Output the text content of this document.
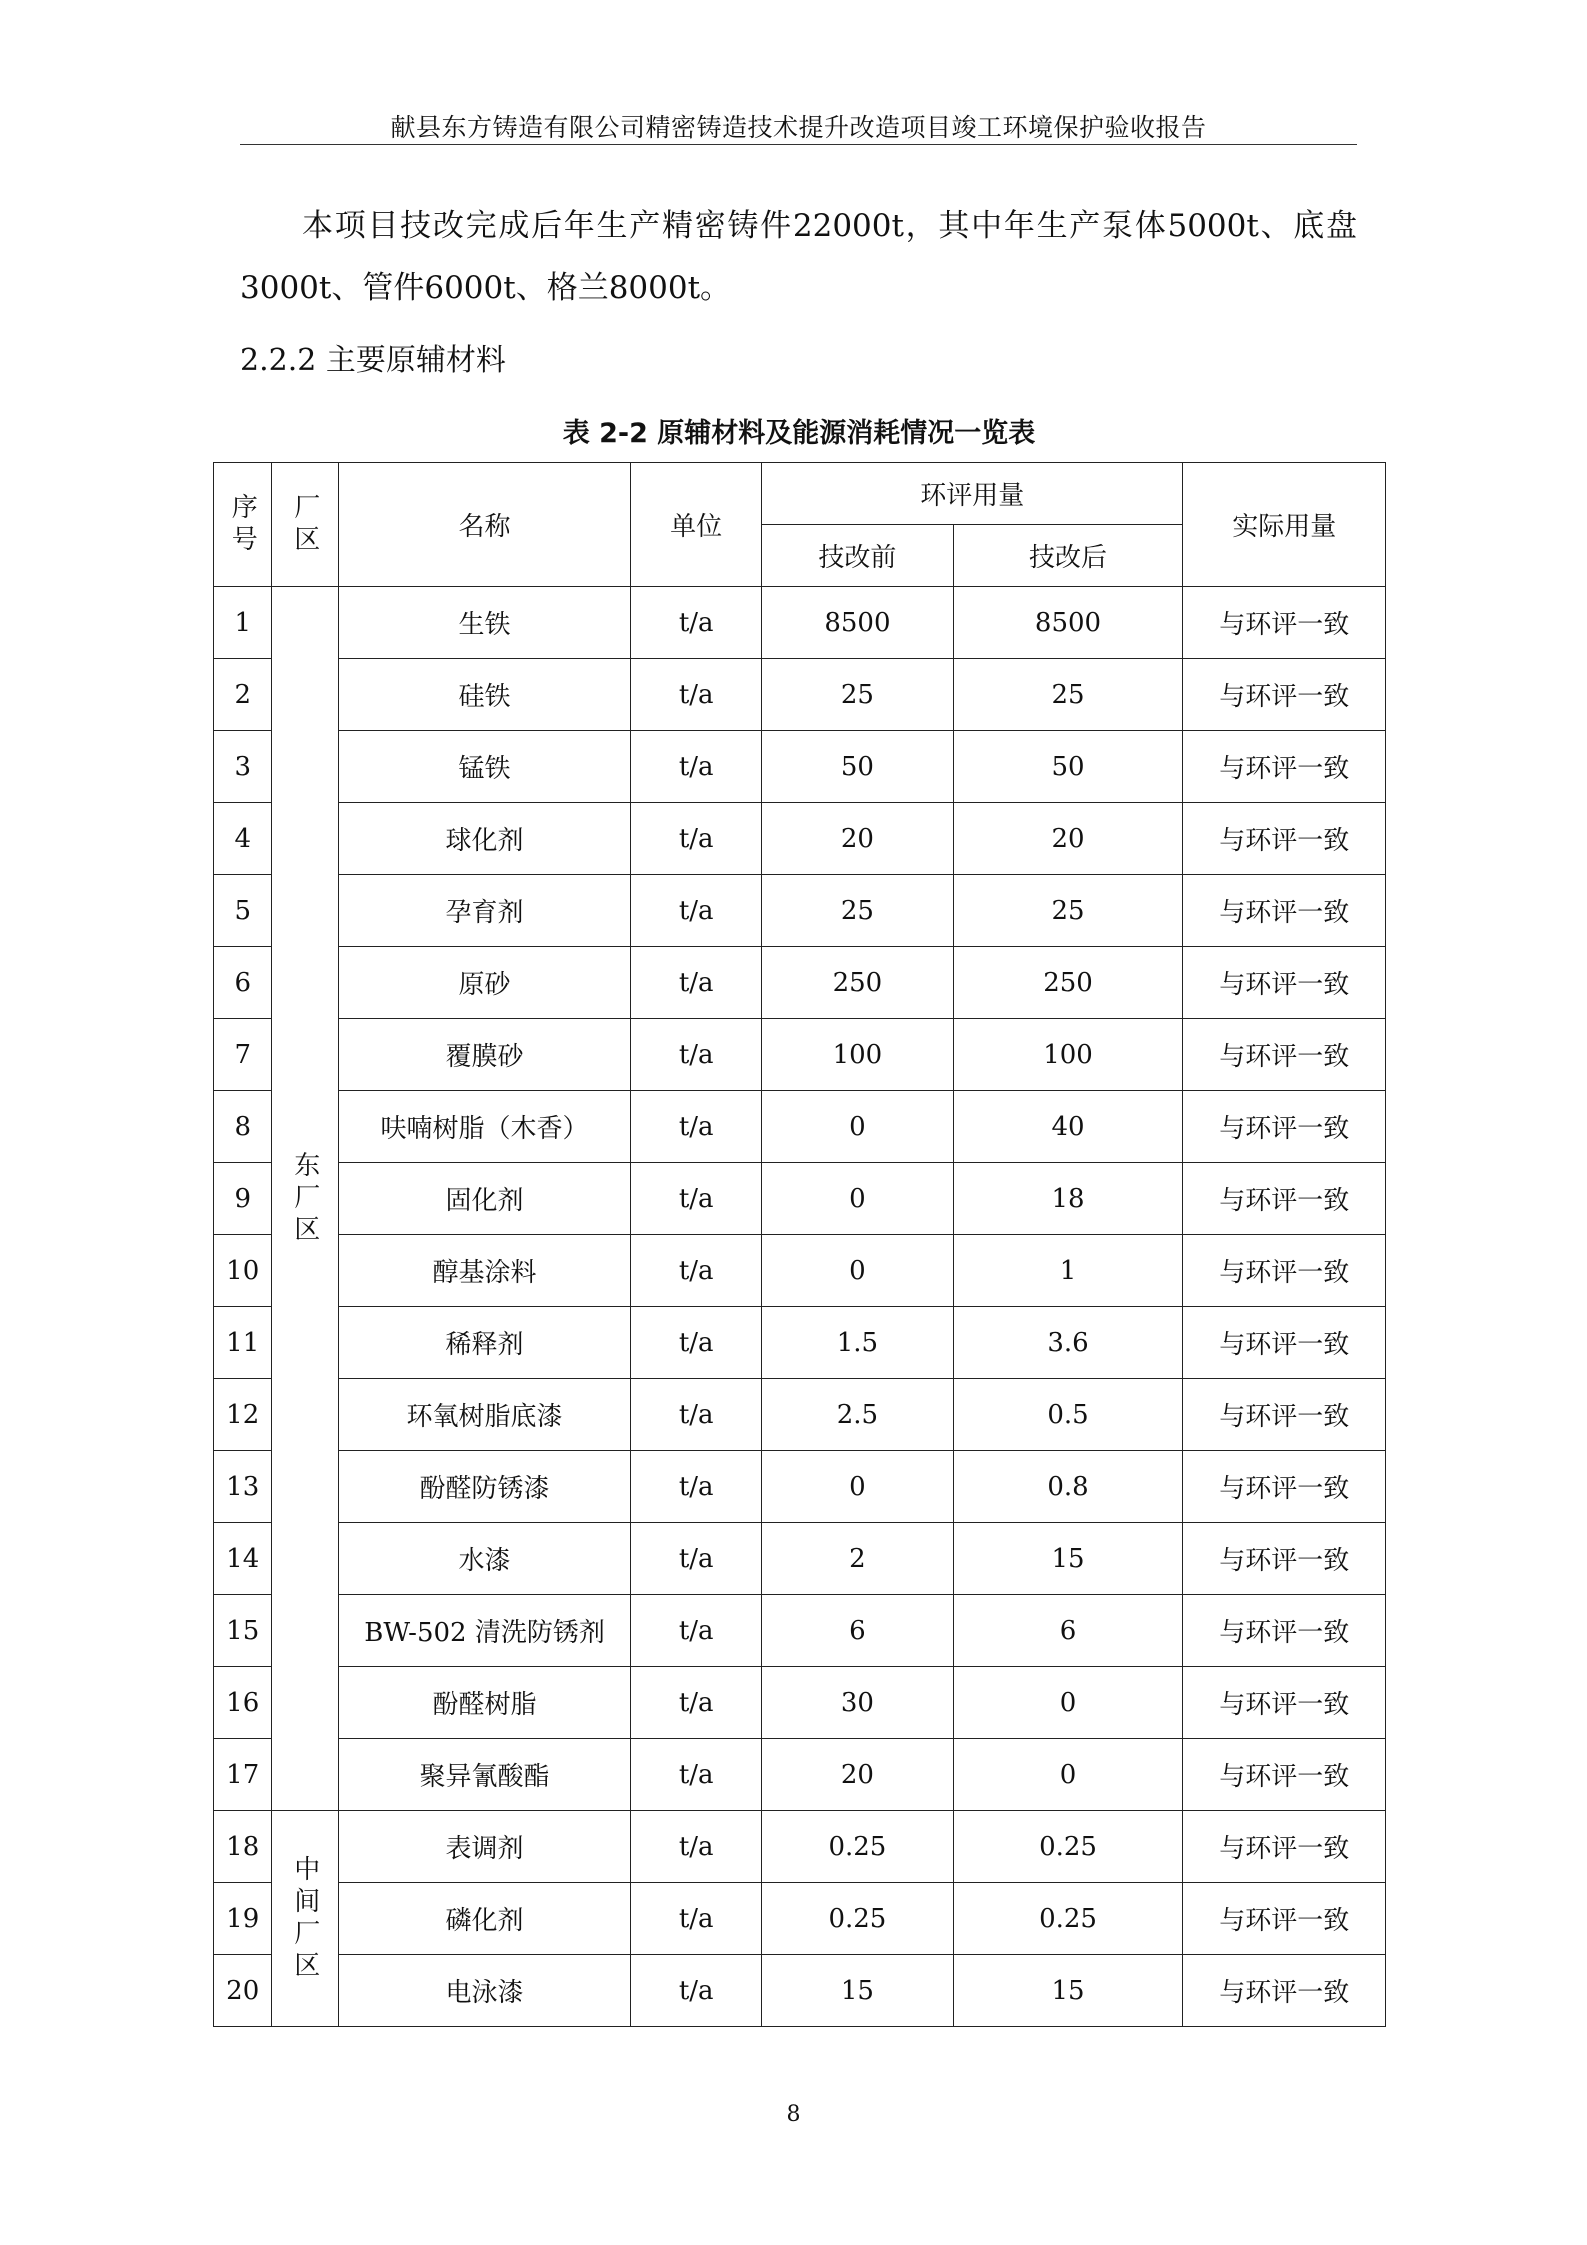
献县东方铸造有限公司精密铸造技术提升改造项目竣工环境保护验收报告

本项目技改完成后年生产精密铸件22000t，其中年生产泵体5000t、底盘3000t、管件6000t、格兰8000t。

2.2.2 主要原辅材料
表 2-2 原辅材料及能源消耗情况一览表
序号	厂区	名称	单位	环评用量		实际用量
				技改前	技改后	
1	东厂区	生铁	t/a	8500	8500	与环评一致
2		硅铁	t/a	25	25	与环评一致
3		锰铁	t/a	50	50	与环评一致
4		球化剂	t/a	20	20	与环评一致
5		孕育剂	t/a	25	25	与环评一致
6		原砂	t/a	250	250	与环评一致
7		覆膜砂	t/a	100	100	与环评一致
8		呋喃树脂（木香）	t/a	0	40	与环评一致
9		固化剂	t/a	0	18	与环评一致
10		醇基涂料	t/a	0	1	与环评一致
11		稀释剂	t/a	1.5	3.6	与环评一致
12		环氧树脂底漆	t/a	2.5	0.5	与环评一致
13		酚醛防锈漆	t/a	0	0.8	与环评一致
14		水漆	t/a	2	15	与环评一致
15		BW-502 清洗防锈剂	t/a	6	6	与环评一致
16		酚醛树脂	t/a	30	0	与环评一致
17		聚异氰酸酯	t/a	20	0	与环评一致
18	中间厂区	表调剂	t/a	0.25	0.25	与环评一致
19		磷化剂	t/a	0.25	0.25	与环评一致
20		电泳漆	t/a	15	15	与环评一致
8
